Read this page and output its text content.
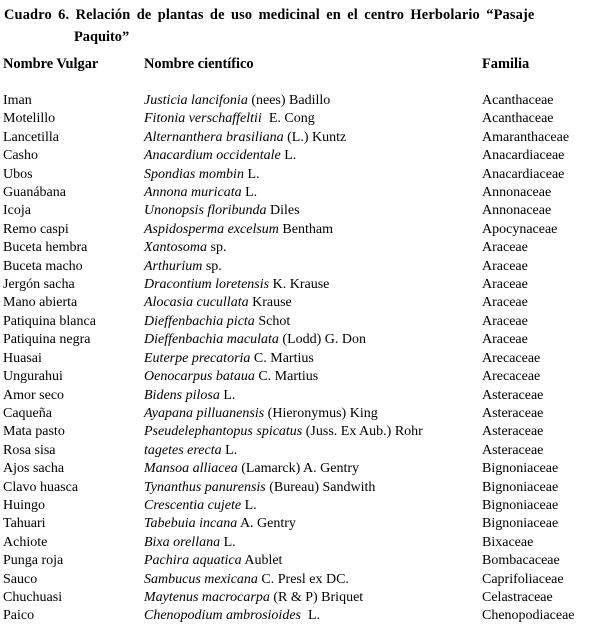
Cuadro 6. Relación de plantas de uso medicinal en el centro Herbolario “Pasaje
Paquito”
Nombre Vulgar	Nombre científico	Familia
Iman	Justicia lancifonia (nees) Badillo	Acanthaceae
Motelillo	Fitonia verschaffeltii  E. Cong	Acanthaceae
Lancetilla	Alternanthera brasiliana (L.) Kuntz	Amaranthaceae
Casho	Anacardium occidentale L.	Anacardiaceae
Ubos	Spondias mombin L.	Anacardiaceae
Guanábana	Annona muricata L.	Annonaceae
Icoja	Unonopsis floribunda Diles	Annonaceae
Remo caspi	Aspidosperma excelsum Bentham	Apocynaceae
Buceta hembra	Xantosoma sp.	Araceae
Buceta macho	Arthurium sp.	Araceae
Jergón sacha	Dracontium loretensis K. Krause	Araceae
Mano abierta	Alocasia cucullata Krause	Araceae
Patiquina blanca	Dieffenbachia picta Schot	Araceae
Patiquina negra	Dieffenbachia maculata (Lodd) G. Don	Araceae
Huasai	Euterpe precatoria C. Martius	Arecaceae
Ungurahui	Oenocarpus bataua C. Martius	Arecaceae
Amor seco	Bidens pilosa L.	Asteraceae
Caqueña	Ayapana pilluanensis (Hieronymus) King	Asteraceae
Mata pasto	Pseudelephantopus spicatus (Juss. Ex Aub.) Rohr	Asteraceae
Rosa sisa	tagetes erecta L.	Asteraceae
Ajos sacha	Mansoa alliacea (Lamarck) A. Gentry	Bignoniaceae
Clavo huasca	Tynanthus panurensis (Bureau) Sandwith	Bignoniaceae
Huingo	Crescentia cujete L.	Bignoniaceae
Tahuari	Tabebuia incana A. Gentry	Bignoniaceae
Achiote	Bixa orellana L.	Bixaceae
Punga roja	Pachira aquatica Aublet	Bombacaceae
Sauco	Sambucus mexicana C. Presl ex DC.	Caprifoliaceae
Chuchuasi	Maytenus macrocarpa (R & P) Briquet	Celastraceae
Paico	Chenopodium ambrosioides  L.	Chenopodiaceae
